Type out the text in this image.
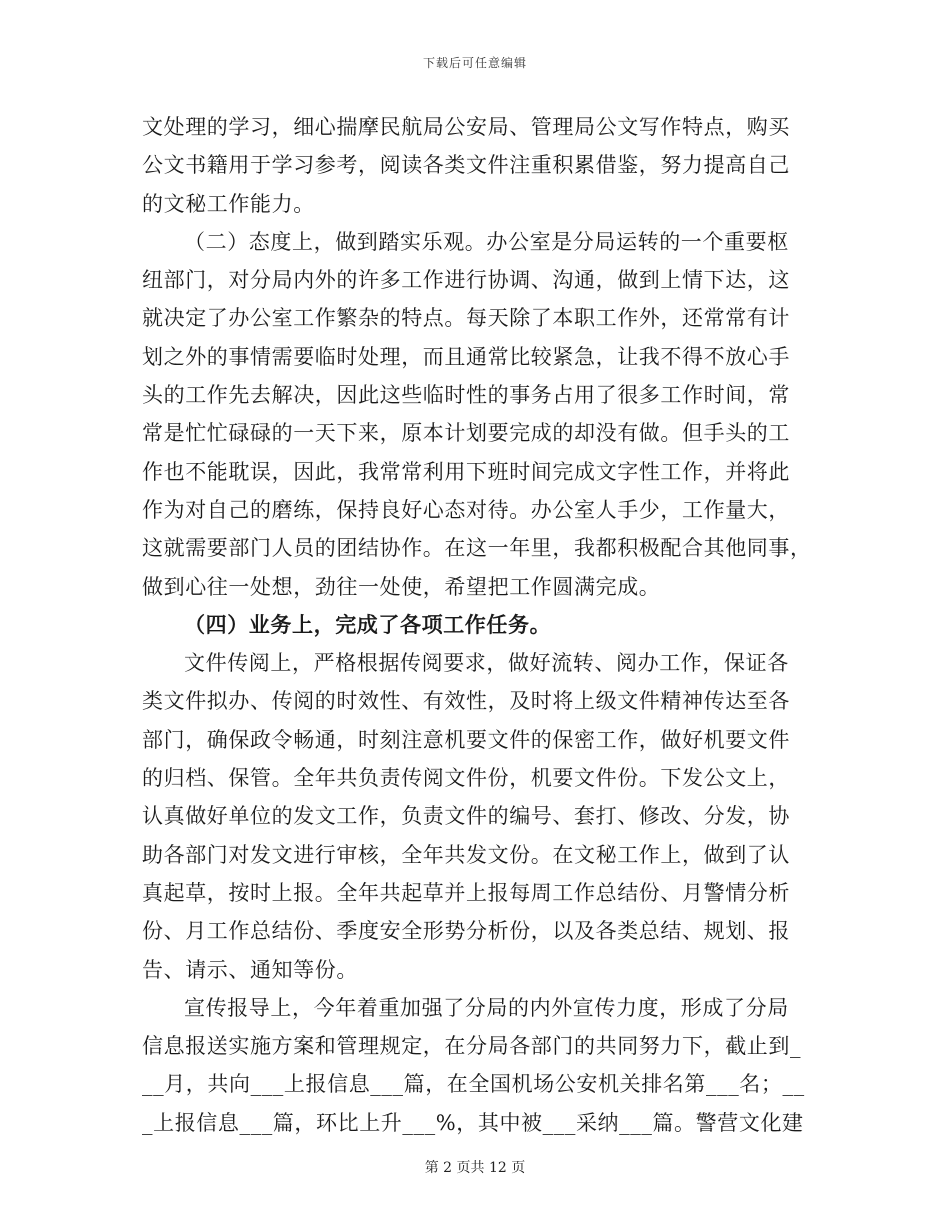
下载后可任意编辑
文处理的学习，细心揣摩民航局公安局、管理局公文写作特点，购买
公文书籍用于学习参考，阅读各类文件注重积累借鉴，努力提高自己
的文秘工作能力。
（二）态度上，做到踏实乐观。办公室是分局运转的一个重要枢
纽部门，对分局内外的许多工作进行协调、沟通，做到上情下达，这
就决定了办公室工作繁杂的特点。每天除了本职工作外，还常常有计
划之外的事情需要临时处理，而且通常比较紧急，让我不得不放心手
头的工作先去解决，因此这些临时性的事务占用了很多工作时间，常
常是忙忙碌碌的一天下来，原本计划要完成的却没有做。但手头的工
作也不能耽误，因此，我常常利用下班时间完成文字性工作，并将此
作为对自己的磨练，保持良好心态对待。办公室人手少，工作量大，
这就需要部门人员的团结协作。在这一年里，我都积极配合其他同事，
做到心往一处想，劲往一处使，希望把工作圆满完成。
（四）业务上，完成了各项工作任务。
文件传阅上，严格根据传阅要求，做好流转、阅办工作，保证各
类文件拟办、传阅的时效性、有效性，及时将上级文件精神传达至各
部门，确保政令畅通，时刻注意机要文件的保密工作，做好机要文件
的归档、保管。全年共负责传阅文件份，机要文件份。下发公文上，
认真做好单位的发文工作，负责文件的编号、套打、修改、分发，协
助各部门对发文进行审核，全年共发文份。在文秘工作上，做到了认
真起草，按时上报。全年共起草并上报每周工作总结份、月警情分析
份、月工作总结份、季度安全形势分析份，以及各类总结、规划、报
告、请示、通知等份。
宣传报导上，今年着重加强了分局的内外宣传力度，形成了分局
信息报送实施方案和管理规定，在分局各部门的共同努力下，截止到_
__月，共向___上报信息___篇，在全国机场公安机关排名第___名；__
_上报信息___篇，环比上升___%，其中被___采纳___篇。警营文化建
第 2 页共 12 页
